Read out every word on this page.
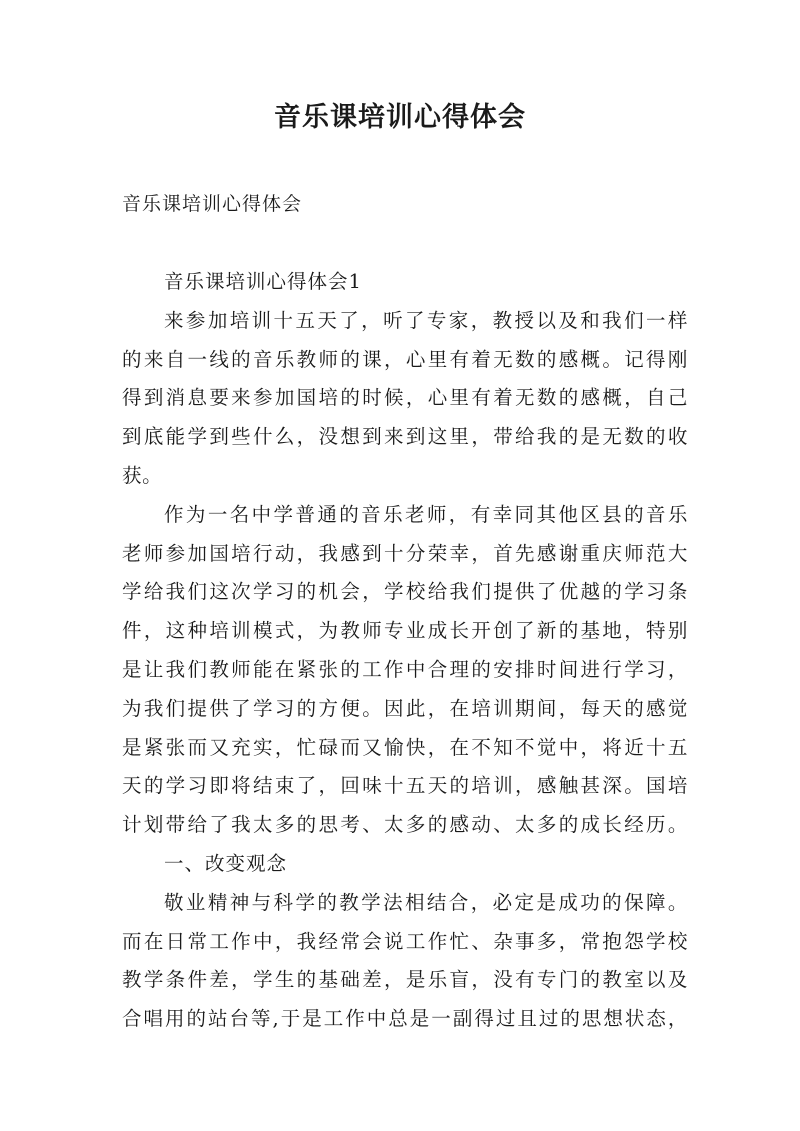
音乐课培训心得体会
音乐课培训心得体会
音乐课培训心得体会1
来参加培训十五天了，听了专家，教授以及和我们一样
的来自一线的音乐教师的课，心里有着无数的感概。记得刚
得到消息要来参加国培的时候，心里有着无数的感概，自己
到底能学到些什么，没想到来到这里，带给我的是无数的收
获。
作为一名中学普通的音乐老师，有幸同其他区县的音乐
老师参加国培行动，我感到十分荣幸，首先感谢重庆师范大
学给我们这次学习的机会，学校给我们提供了优越的学习条
件，这种培训模式，为教师专业成长开创了新的基地，特别
是让我们教师能在紧张的工作中合理的安排时间进行学习，
为我们提供了学习的方便。因此，在培训期间，每天的感觉
是紧张而又充实，忙碌而又愉快，在不知不觉中，将近十五
天的学习即将结束了，回味十五天的培训，感触甚深。国培
计划带给了我太多的思考、太多的感动、太多的成长经历。
一、改变观念
敬业精神与科学的教学法相结合，必定是成功的保障。
而在日常工作中，我经常会说工作忙、杂事多，常抱怨学校
教学条件差，学生的基础差，是乐盲，没有专门的教室以及
合唱用的站台等,于是工作中总是一副得过且过的思想状态，
